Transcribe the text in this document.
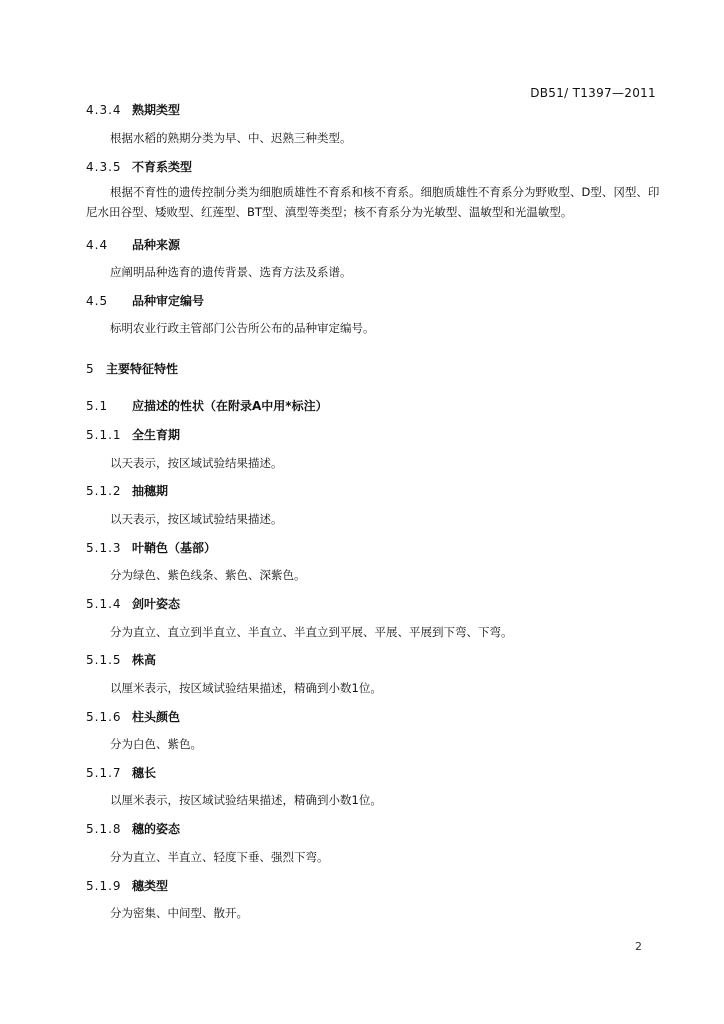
DB51/ T1397—2011
4.3.4 熟期类型
根据水稻的熟期分类为早、中、迟熟三种类型。
4.3.5 不育系类型
根据不育性的遗传控制分类为细胞质雄性不育系和核不育系。细胞质雄性不育系分为野败型、D型、冈型、印尼水田谷型、矮败型、红莲型、BT型、滇型等类型；核不育系分为光敏型、温敏型和光温敏型。
4.4 品种来源
应阐明品种选育的遗传背景、选育方法及系谱。
4.5 品种审定编号
标明农业行政主管部门公告所公布的品种审定编号。
5 主要特征特性
5.1 应描述的性状（在附录A中用*标注）
5.1.1 全生育期
以天表示，按区域试验结果描述。
5.1.2 抽穗期
以天表示，按区域试验结果描述。
5.1.3 叶鞘色（基部）
分为绿色、紫色线条、紫色、深紫色。
5.1.4 剑叶姿态
分为直立、直立到半直立、半直立、半直立到平展、平展、平展到下弯、下弯。
5.1.5 株高
以厘米表示，按区域试验结果描述，精确到小数1位。
5.1.6 柱头颜色
分为白色、紫色。
5.1.7 穗长
以厘米表示，按区域试验结果描述，精确到小数1位。
5.1.8 穗的姿态
分为直立、半直立、轻度下垂、强烈下弯。
5.1.9 穗类型
分为密集、中间型、散开。
2
